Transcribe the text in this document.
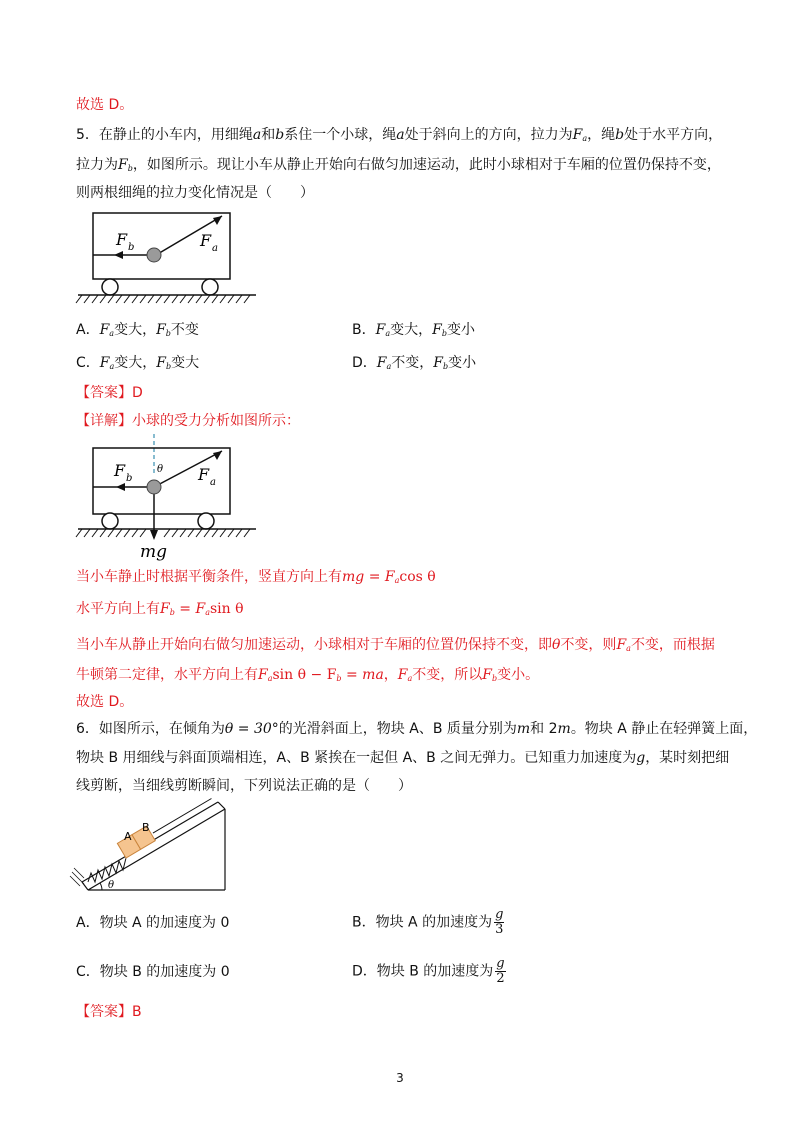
故选 D。
5．在静止的小车内，用细绳a和b系住一个小球，绳a处于斜向上的方向，拉力为$F_a$，绳b处于水平方向，
拉力为$F_b$，如图所示。现让小车从静止开始向右做匀加速运动，此时小球相对于车厢的位置仍保持不变，
则两根细绳的拉力变化情况是（　　）
F b	F a
A．$F_a$变大，$F_b$不变	B．$F_a$变大，$F_b$变小
C．$F_a$变大，$F_b$变大	D．$F_a$不变，$F_b$变小
【答案】D
【详解】小球的受力分析如图所示：
θ
F b	F a
mg
当小车静止时根据平衡条件，竖直方向上有mg = $F_a\cos$ θ
水平方向上有$F_b = F_a\sin$ θ
当小车从静止开始向右做匀加速运动，小球相对于车厢的位置仍保持不变，即θ不变，则$F_a$不变，而根据
牛顿第二定律，水平方向上有$F_a\sin$ $\theta - F_b$ = ma，$F_a$不变，所以$F_b$变小。
故选 D。
6．如图所示，在倾角为θ = 30°的光滑斜面上，物块 A、B 质量分别为m和 2m。物块 A 静止在轻弹簧上面，
物块 B 用细线与斜面顶端相连，A、B 紧挨在一起但 A、B 之间无弹力。已知重力加速度为g，某时刻把细
线剪断，当细线剪断瞬间，下列说法正确的是（　　）
A
B
θ
A．物块 A 的加速度为 0	B．物块 A 的加速度为 $\frac{g}{3}$
C．物块 B 的加速度为 0	D．物块 B 的加速度为 $\frac{g}{2}$
【答案】B
3
